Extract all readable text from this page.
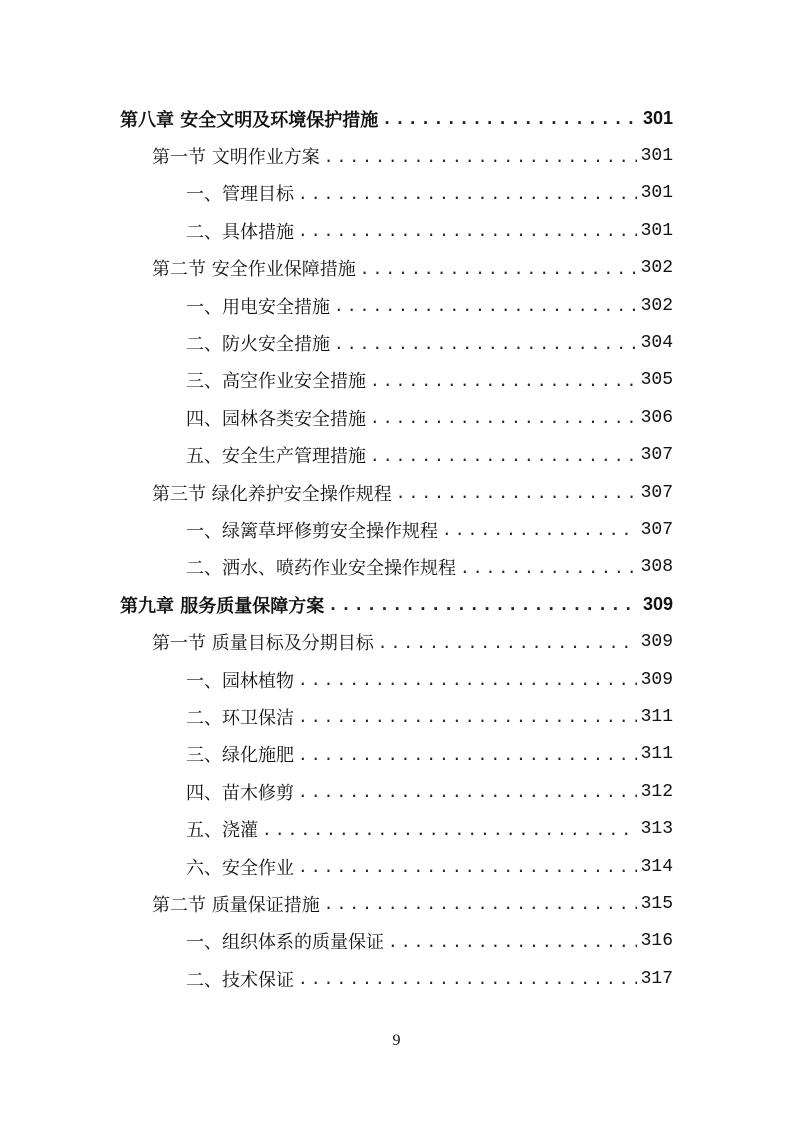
第八章 安全文明及环境保护措施 .....	301
第一节 文明作业方案 .....	301
一、管理目标 .....	301
二、具体措施 .....	301
第二节 安全作业保障措施 .....	302
一、用电安全措施 .....	302
二、防火安全措施 .....	304
三、高空作业安全措施 .....	305
四、园林各类安全措施 .....	306
五、安全生产管理措施 .....	307
第三节 绿化养护安全操作规程 .....	307
一、绿篱草坪修剪安全操作规程 .....	307
二、洒水、喷药作业安全操作规程 .....	308
第九章 服务质量保障方案 .....	309
第一节 质量目标及分期目标 .....	309
一、园林植物 .....	309
二、环卫保洁 .....	311
三、绿化施肥 .....	311
四、苗木修剪 .....	312
五、浇灌 .....	313
六、安全作业 .....	314
第二节 质量保证措施 .....	315
一、组织体系的质量保证 .....	316
二、技术保证 .....	317
9
